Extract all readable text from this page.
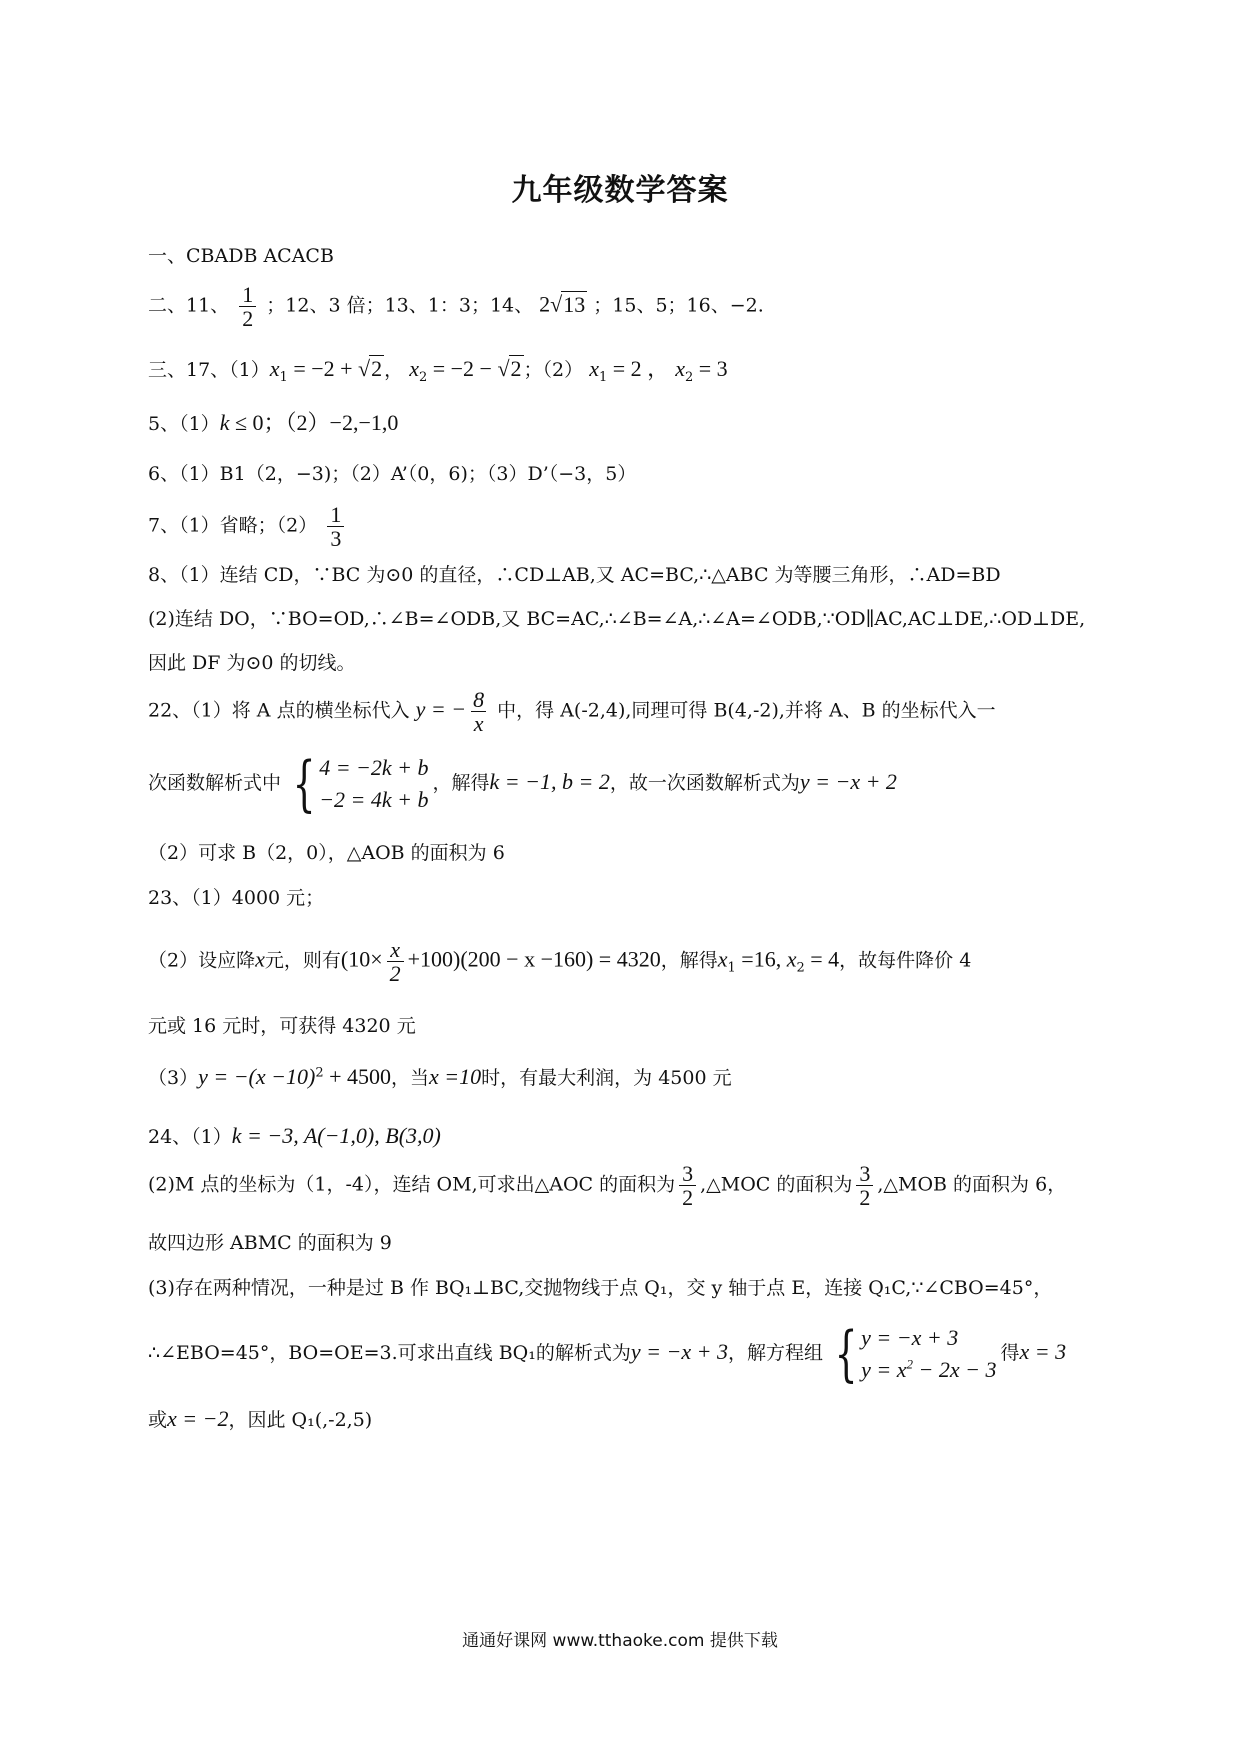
九年级数学答案
一、CBADB ACACB
二、11、 $\frac{1}{2}$ ；12、3 倍；13、1：3；14、 2√13 ；15、5；16、−2.
三、17、$(1)x_1 = -2 + √2$ ， $x_2 = -2 - √2$ ；（2） $x_1 = 2$ ， $x_2 = 3$
5、（1）k ≤ 0；（2）−2,−1,0
6、（1）B1（2，−3)；（2）A’（0，6)；（3）D’（−3，5）
7、（1）省略；$(2) \frac{1}{3}$
8、（1）连结 CD，∵BC 为⊙0 的直径，∴CD⊥AB,又 AC=BC,∴△ABC 为等腰三角形，∴AD=BD
(2)连结 DO，∵BO=OD,∴∠B=∠ODB,又 BC=AC,∴∠B=∠A,∴∠A=∠ODB,∵OD∥AC,AC⊥DE,∴OD⊥DE,
因此 DF 为⊙0 的切线。
22、（1）将 A 点的横坐标代入 y = − $\frac{8}{x}$ 中，得 A(-2,4),同理可得 B(4,-2),并将 A、B 的坐标代入一
次函数解析式中 { 4 = −2k + b
−2 = 4k + b
，解得k = −1, b = 2，故一次函数解析式为y = −x + 2
（2）可求 B（2，0），△AOB 的面积为 6
23、（1）4000 元；
（2）设应降x元，则有$(10\times \frac{x}{2} +100)(200 - x -160) = 4320$，解得$x_1 =16$, $x_2 = 4$，故每件降价 4
元或 16 元时，可获得 4320 元
$(3)y = -(x -10)^2 + 4500$，当x =10时，有最大利润，为 4500 元
24、（1）k = −3, A(−1,0), B(3,0)
(2)M 点的坐标为（1，-4），连结 OM,可求出△AOC 的面积为 $\frac{3}{2}$ ,△MOC 的面积为 $\frac{3}{2}$ ,△MOB 的面积为 6，
故四边形 ABMC 的面积为 9
(3)存在两种情况，一种是过 B 作 BQ₁⊥BC,交抛物线于点 Q₁，交 y 轴于点 E，连接 Q₁C,∵∠CBO=45°，
∴∠EBO=45°，BO=OE=3.可求出直线 BQ₁的解析式为y = −x + 3，解方程组 { y = −x + 3
$y = x^2 - 2x - 3$
得x = 3
或x = −2，因此 Q₁(,-2,5)
通通好课网 www.tthaoke.com 提供下载
